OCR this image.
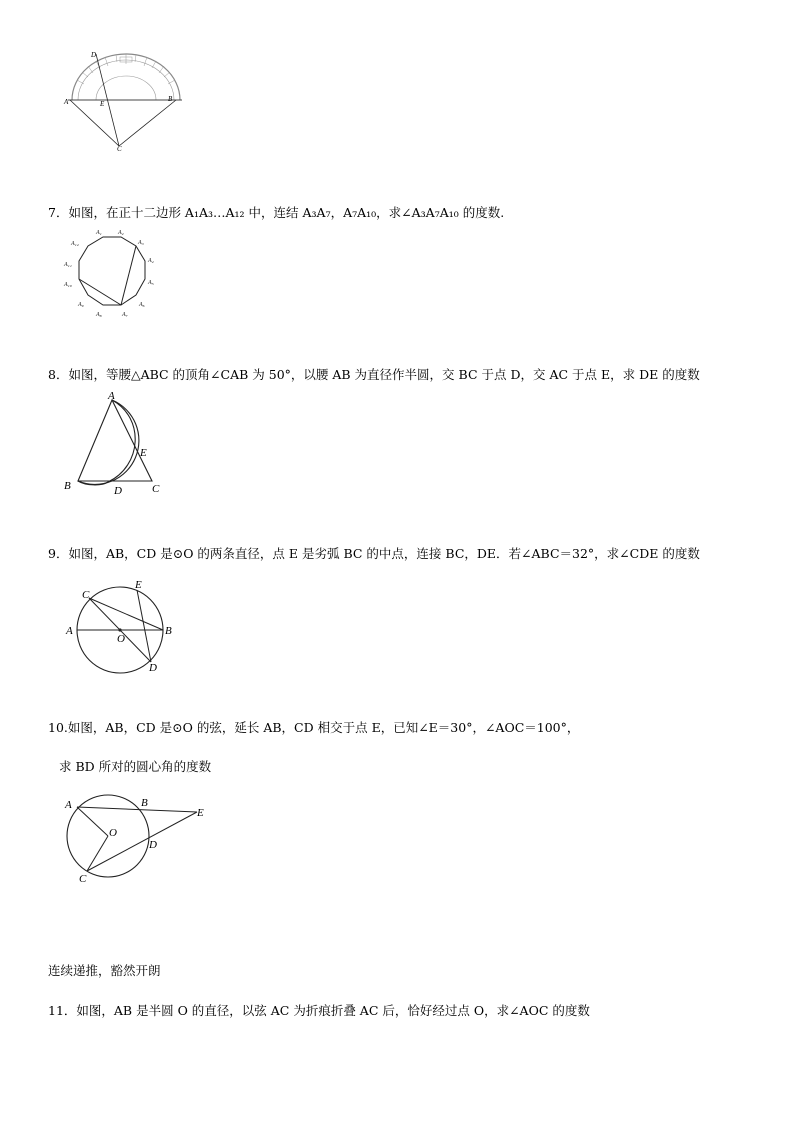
D
A	E
B
C
7．如图，在正十二边形 A₁A₃…A₁₂ 中，连结 A₃A₇，A₇A₁₀，求∠A₃A₇A₁₀ 的度数.
A₁	A₂
A₃
A₄
A₅
A₆
A₇
A₈
A₉
A₁₀
A₁₁
A₁₂
8．如图，等腰△ABC 的顶角∠CAB 为 50°，以腰 AB 为直径作半圆，交 BC 于点 D，交 AC 于点 E，求 DE 的度数
A
B	C
D
E
9．如图，AB，CD 是⊙O 的两条直径，点 E 是劣弧 BC 的中点，连接 BC，DE．若∠ABC＝32°，求∠CDE 的度数
A	B
C
D
E
O
10.如图，AB，CD 是⊙O 的弦，延长 AB，CD 相交于点 E，已知∠E＝30°，∠AOC＝100°，
求 BD 所对的圆心角的度数
A	B
C
D
E
O
连续递推，豁然开朗
11．如图，AB 是半圆 O 的直径，以弦 AC 为折痕折叠 AC 后，恰好经过点 O，求∠AOC 的度数
